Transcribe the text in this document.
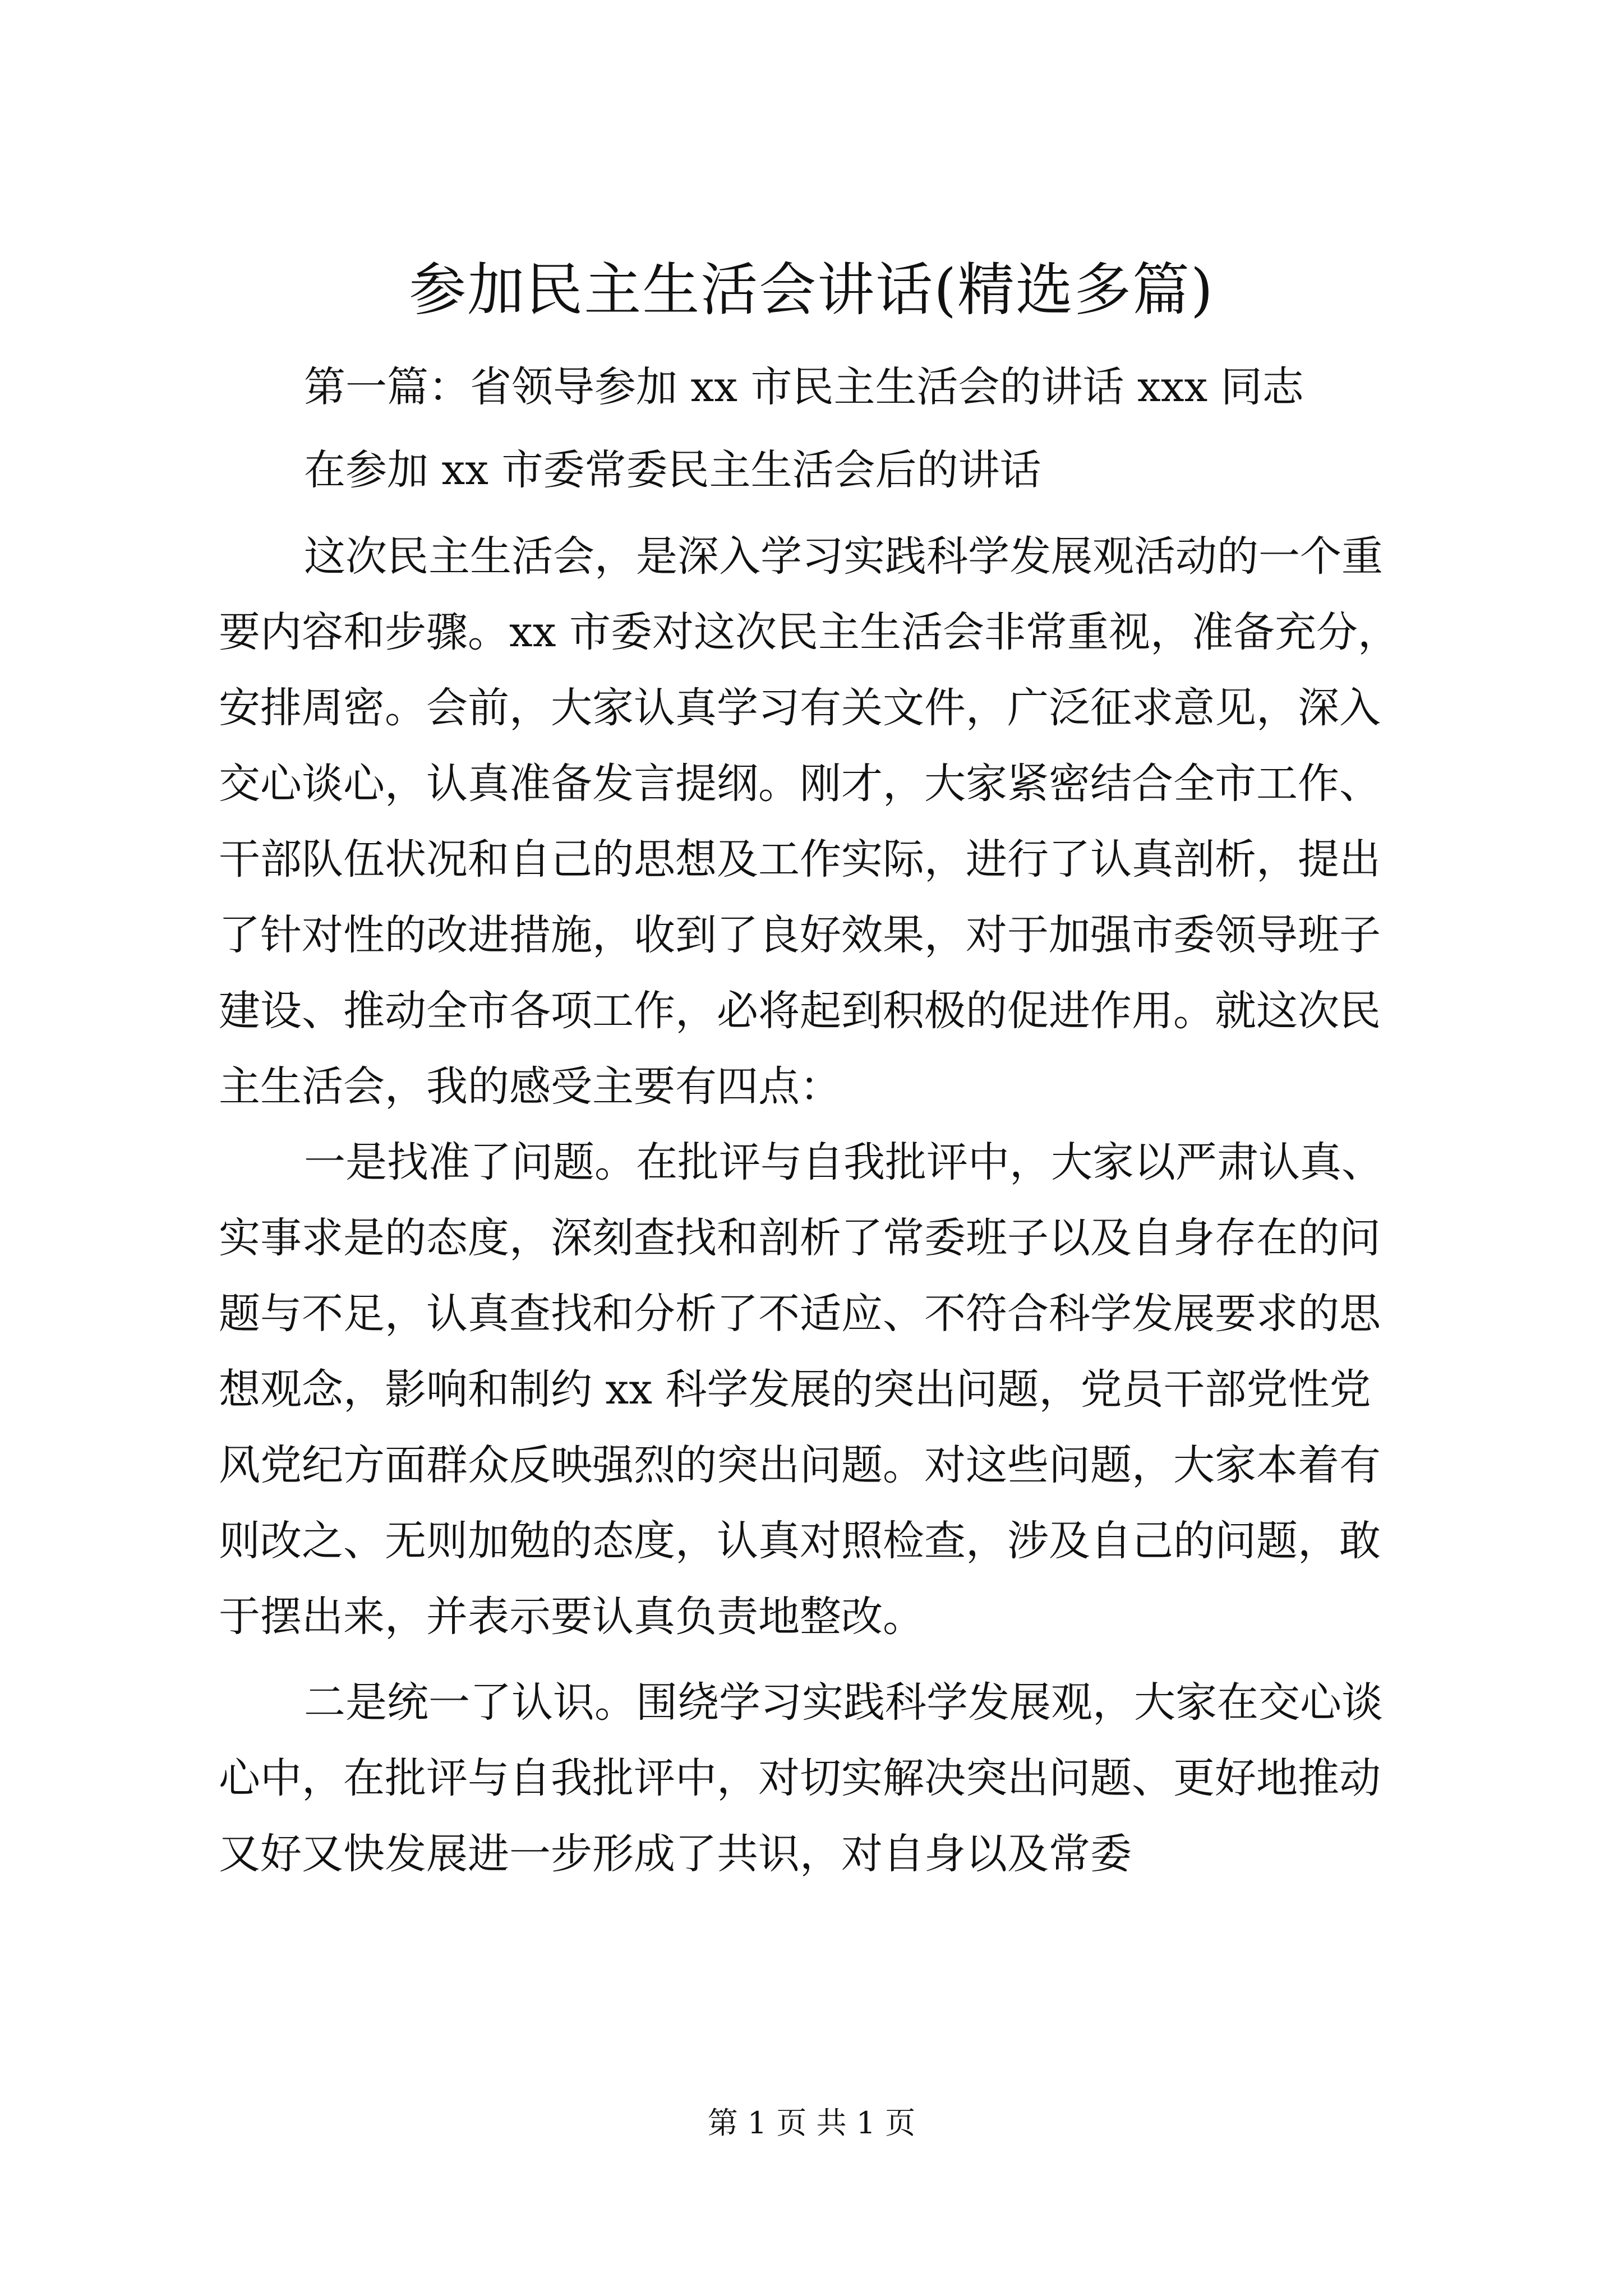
参加民主生活会讲话(精选多篇)
第一篇：省领导参加 xx 市民主生活会的讲话 xxx 同志
在参加 xx 市委常委民主生活会后的讲话
这次民主生活会，是深入学习实践科学发展观活动的一个重
要内容和步骤。xx 市委对这次民主生活会非常重视，准备充分，
安排周密。会前，大家认真学习有关文件，广泛征求意见，深入
交心谈心，认真准备发言提纲。刚才，大家紧密结合全市工作、
干部队伍状况和自己的思想及工作实际，进行了认真剖析，提出
了针对性的改进措施，收到了良好效果，对于加强市委领导班子
建设、推动全市各项工作，必将起到积极的促进作用。就这次民
主生活会，我的感受主要有四点：
一是找准了问题。在批评与自我批评中，大家以严肃认真、
实事求是的态度，深刻查找和剖析了常委班子以及自身存在的问
题与不足，认真查找和分析了不适应、不符合科学发展要求的思
想观念，影响和制约 xx 科学发展的突出问题，党员干部党性党
风党纪方面群众反映强烈的突出问题。对这些问题，大家本着有
则改之、无则加勉的态度，认真对照检查，涉及自己的问题，敢
于摆出来，并表示要认真负责地整改。
二是统一了认识。围绕学习实践科学发展观，大家在交心谈
心中，在批评与自我批评中，对切实解决突出问题、更好地推动
又好又快发展进一步形成了共识，对自身以及常委
第 1 页 共 1 页
